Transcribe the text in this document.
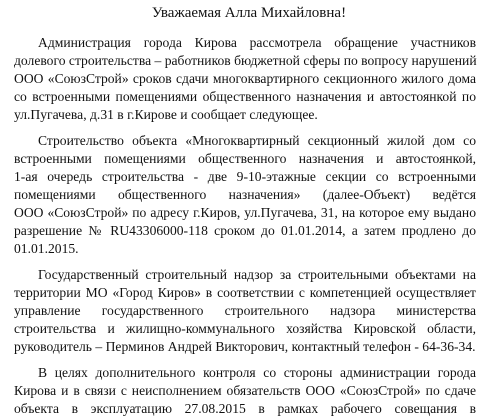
Уважаемая Алла Михайловна!
Администрация города Кирова рассмотрела обращение участников
долевого строительства – работников бюджетной сферы по вопросу нарушений
ООО «СоюзСтрой» сроков сдачи многоквартирного секционного жилого дома
со встроенными помещениями общественного назначения и автостоянкой по
ул.Пугачева, д.31 в г.Кирове и сообщает следующее.
Строительство объекта «Многоквартирный секционный жилой дом со
встроенными помещениями общественного назначения и автостоянкой,
1-ая очередь строительства - две 9-10-этажные секции со встроенными
помещениями общественного назначения» (далее-Объект) ведётся
ООО «СоюзСтрой» по адресу г.Киров, ул.Пугачева, 31, на которое ему выдано
разрешение № RU43306000-118 сроком до 01.01.2014, а затем продлено до
01.01.2015.
Государственный строительный надзор за строительными объектами на
территории МО «Город Киров» в соответствии с компетенцией осуществляет
управление государственного строительного надзора министерства
строительства и жилищно-коммунального хозяйства Кировской области,
руководитель – Перминов Андрей Викторович, контактный телефон - 64-36-34.
В целях дополнительного контроля со стороны администрации города
Кирова и в связи с неисполнением обязательств ООО «СоюзСтрой» по сдаче
объекта в эксплуатацию 27.08.2015 в рамках рабочего совещания в
